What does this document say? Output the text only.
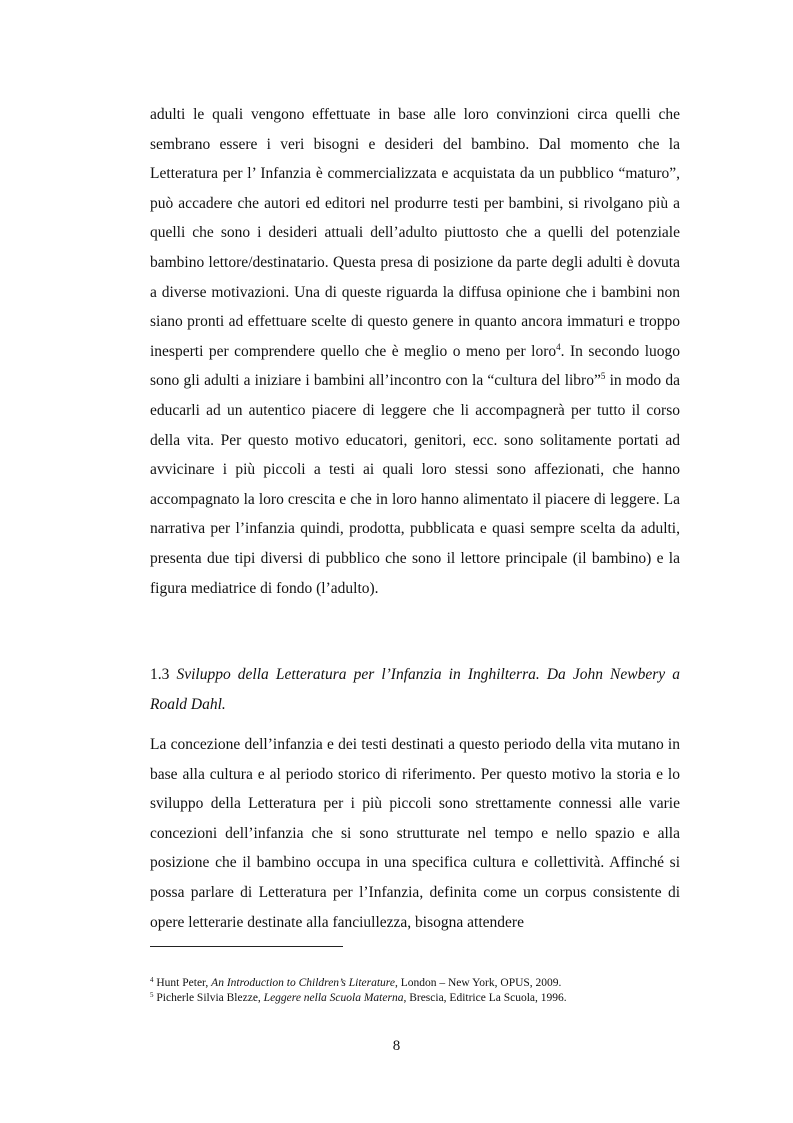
adulti le quali vengono effettuate in base alle loro convinzioni circa quelli che sembrano essere i veri bisogni e desideri del bambino. Dal momento che la Letteratura per l’ Infanzia è commercializzata e acquistata da un pubblico “maturo”, può accadere che autori ed editori nel produrre testi per bambini, si rivolgano più a quelli che sono i desideri attuali dell’adulto piuttosto che a quelli del potenziale bambino lettore/destinatario. Questa presa di posizione da parte degli adulti è dovuta a diverse motivazioni. Una di queste riguarda la diffusa opinione che i bambini non siano pronti ad effettuare scelte di questo genere in quanto ancora immaturi e troppo inesperti per comprendere quello che è meglio o meno per loro$^4$. In secondo luogo sono gli adulti a iniziare i bambini all’incontro con la “cultura del libro”$^5$ in modo da educarli ad un autentico piacere di leggere che li accompagnerà per tutto il corso della vita. Per questo motivo educatori, genitori, ecc. sono solitamente portati ad avvicinare i più piccoli a testi ai quali loro stessi sono affezionati, che hanno accompagnato la loro crescita e che in loro hanno alimentato il piacere di leggere. La narrativa per l’infanzia quindi, prodotta, pubblicata e quasi sempre scelta da adulti, presenta due tipi diversi di pubblico che sono il lettore principale (il bambino) e la figura mediatrice di fondo (l’adulto).

1.3 Sviluppo della Letteratura per l’Infanzia in Inghilterra. Da John Newbery a Roald Dahl.

La concezione dell’infanzia e dei testi destinati a questo periodo della vita mutano in base alla cultura e al periodo storico di riferimento. Per questo motivo la storia e lo sviluppo della Letteratura per i più piccoli sono strettamente connessi alle varie concezioni dell’infanzia che si sono strutturate nel tempo e nello spazio e alla posizione che il bambino occupa in una specifica cultura e collettività. Affinché si possa parlare di Letteratura per l’Infanzia, definita come un corpus consistente di opere letterarie destinate alla fanciullezza, bisogna attendere

$^4$ Hunt Peter, An Introduction to Children’s Literature, London – New York, OPUS, 2009.
$^5$ Picherle Silvia Blezze, Leggere nella Scuola Materna, Brescia, Editrice La Scuola, 1996.
8
